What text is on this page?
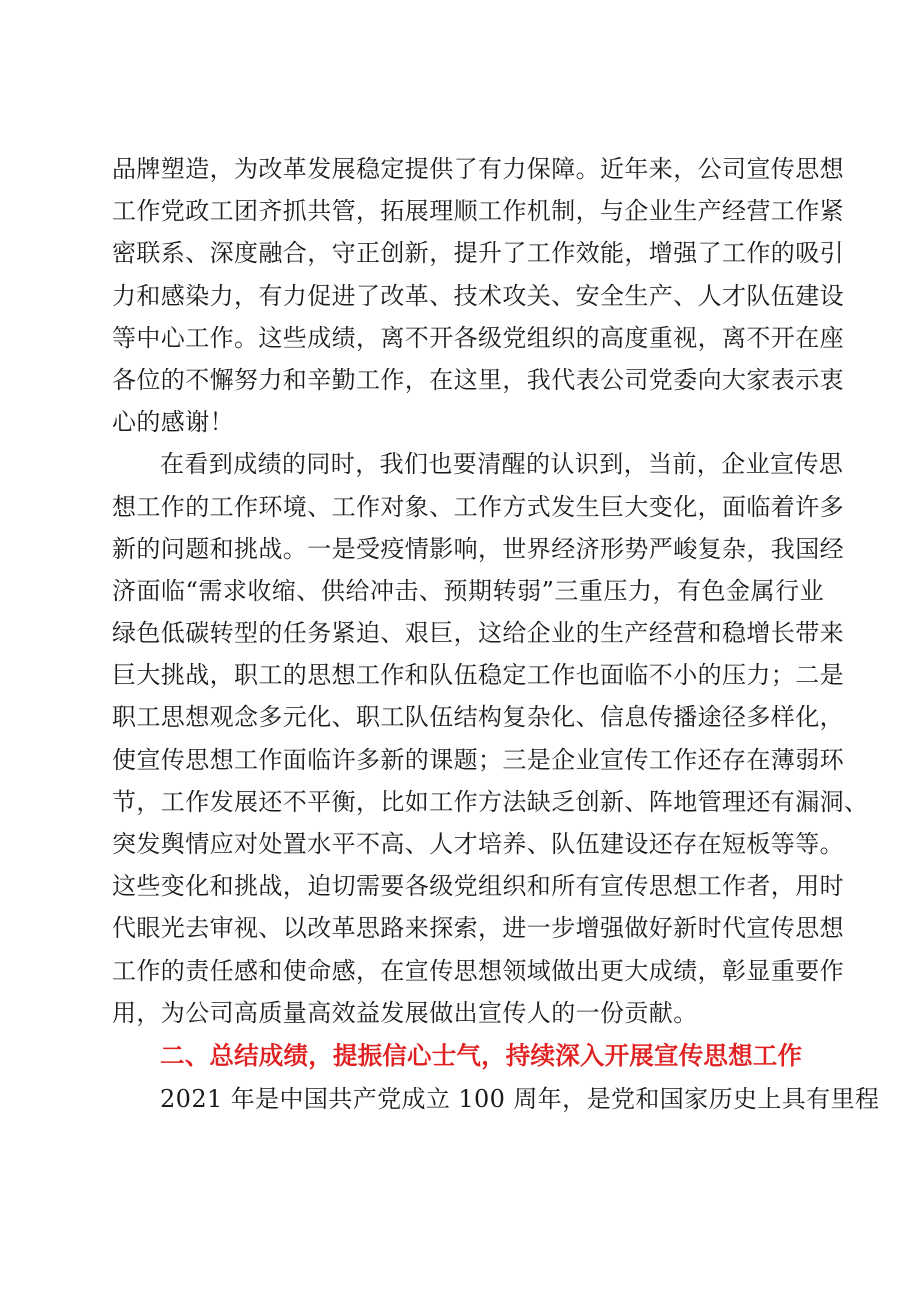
品牌塑造，为改革发展稳定提供了有力保障。近年来，公司宣传思想
工作党政工团齐抓共管，拓展理顺工作机制，与企业生产经营工作紧
密联系、深度融合，守正创新，提升了工作效能，增强了工作的吸引
力和感染力，有力促进了改革、技术攻关、安全生产、人才队伍建设
等中心工作。这些成绩，离不开各级党组织的高度重视，离不开在座
各位的不懈努力和辛勤工作，在这里，我代表公司党委向大家表示衷
心的感谢！
在看到成绩的同时，我们也要清醒的认识到，当前，企业宣传思
想工作的工作环境、工作对象、工作方式发生巨大变化，面临着许多
新的问题和挑战。一是受疫情影响，世界经济形势严峻复杂，我国经
济面临“需求收缩、供给冲击、预期转弱”三重压力，有色金属行业
绿色低碳转型的任务紧迫、艰巨，这给企业的生产经营和稳增长带来
巨大挑战，职工的思想工作和队伍稳定工作也面临不小的压力；二是
职工思想观念多元化、职工队伍结构复杂化、信息传播途径多样化，
使宣传思想工作面临许多新的课题；三是企业宣传工作还存在薄弱环
节，工作发展还不平衡，比如工作方法缺乏创新、阵地管理还有漏洞、
突发舆情应对处置水平不高、人才培养、队伍建设还存在短板等等。
这些变化和挑战，迫切需要各级党组织和所有宣传思想工作者，用时
代眼光去审视、以改革思路来探索，进一步增强做好新时代宣传思想
工作的责任感和使命感，在宣传思想领域做出更大成绩，彰显重要作
用，为公司高质量高效益发展做出宣传人的一份贡献。
二、总结成绩，提振信心士气，持续深入开展宣传思想工作
2021 年是中国共产党成立 100 周年，是党和国家历史上具有里程
